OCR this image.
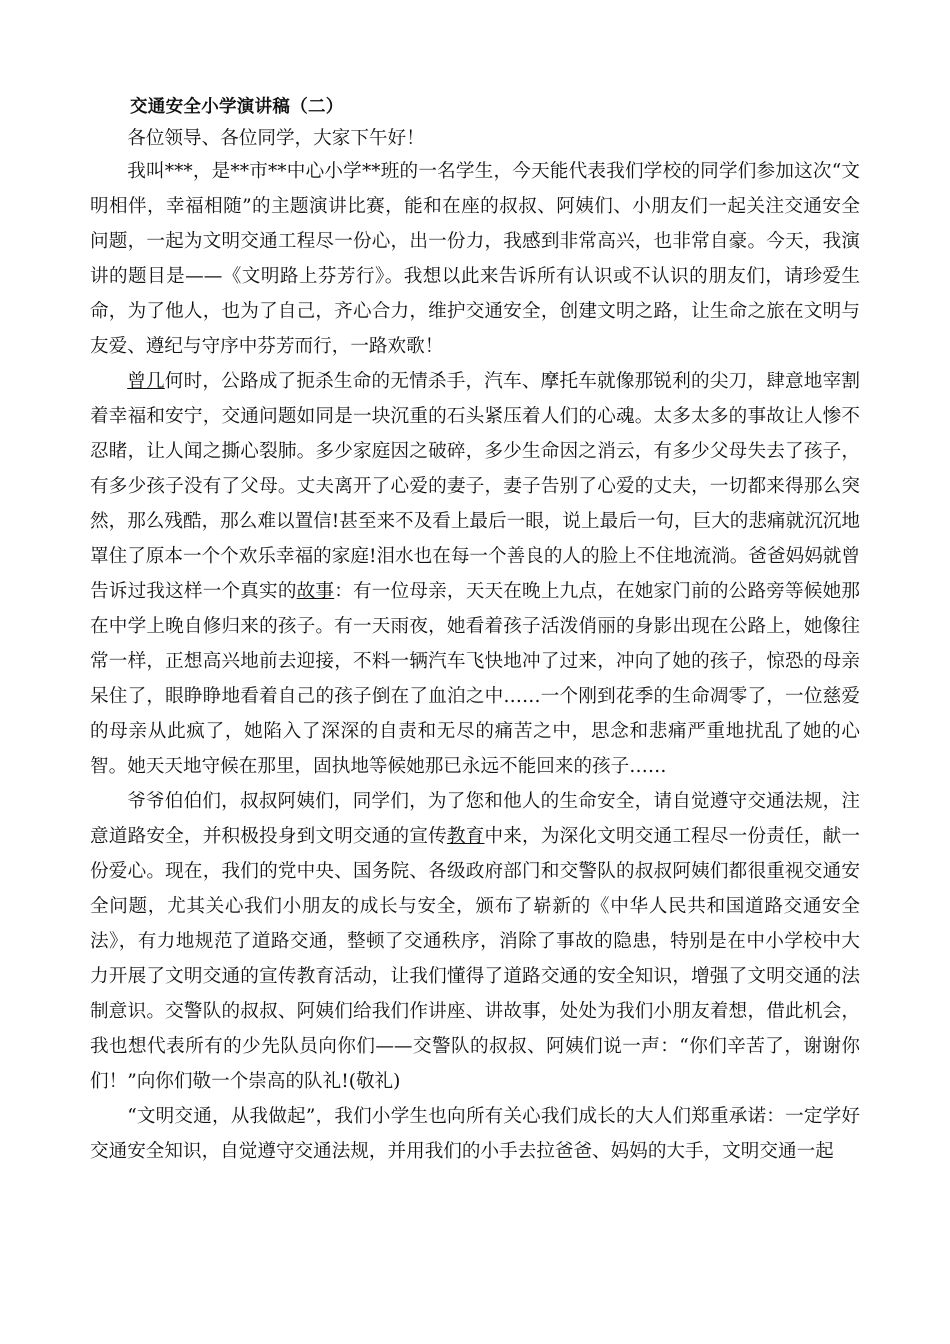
交通安全小学演讲稿（二）

各位领导、各位同学，大家下午好！

我叫***，是**市**中心小学**班的一名学生，今天能代表我们学校的同学们参加这次“文明相伴，幸福相随”的主题演讲比赛，能和在座的叔叔、阿姨们、小朋友们一起关注交通安全问题，一起为文明交通工程尽一份心，出一份力，我感到非常高兴，也非常自豪。今天，我演讲的题目是——《文明路上芬芳行》。我想以此来告诉所有认识或不认识的朋友们，请珍爱生命，为了他人，也为了自己，齐心合力，维护交通安全，创建文明之路，让生命之旅在文明与友爱、遵纪与守序中芬芳而行，一路欢歌！

曾几何时，公路成了扼杀生命的无情杀手，汽车、摩托车就像那锐利的尖刀，肆意地宰割着幸福和安宁，交通问题如同是一块沉重的石头紧压着人们的心魂。太多太多的事故让人惨不忍睹，让人闻之撕心裂肺。多少家庭因之破碎，多少生命因之消云，有多少父母失去了孩子，有多少孩子没有了父母。丈夫离开了心爱的妻子，妻子告别了心爱的丈夫，一切都来得那么突然，那么残酷，那么难以置信!甚至来不及看上最后一眼，说上最后一句，巨大的悲痛就沉沉地罩住了原本一个个欢乐幸福的家庭!泪水也在每一个善良的人的脸上不住地流淌。爸爸妈妈就曾告诉过我这样一个真实的故事：有一位母亲，天天在晚上九点，在她家门前的公路旁等候她那在中学上晚自修归来的孩子。有一天雨夜，她看着孩子活泼俏丽的身影出现在公路上，她像往常一样，正想高兴地前去迎接，不料一辆汽车飞快地冲了过来，冲向了她的孩子，惊恐的母亲呆住了，眼睁睁地看着自己的孩子倒在了血泊之中……一个刚到花季的生命凋零了，一位慈爱的母亲从此疯了，她陷入了深深的自责和无尽的痛苦之中，思念和悲痛严重地扰乱了她的心智。她天天地守候在那里，固执地等候她那已永远不能回来的孩子……

爷爷伯伯们，叔叔阿姨们，同学们，为了您和他人的生命安全，请自觉遵守交通法规，注意道路安全，并积极投身到文明交通的宣传教育中来，为深化文明交通工程尽一份责任，献一份爱心。现在，我们的党中央、国务院、各级政府部门和交警队的叔叔阿姨们都很重视交通安全问题，尤其关心我们小朋友的成长与安全，颁布了崭新的《中华人民共和国道路交通安全法》，有力地规范了道路交通，整顿了交通秩序，消除了事故的隐患，特别是在中小学校中大力开展了文明交通的宣传教育活动，让我们懂得了道路交通的安全知识，增强了文明交通的法制意识。交警队的叔叔、阿姨们给我们作讲座、讲故事，处处为我们小朋友着想，借此机会，我也想代表所有的少先队员向你们——交警队的叔叔、阿姨们说一声：“你们辛苦了，谢谢你们！”向你们敬一个崇高的队礼!(敬礼)

“文明交通，从我做起”，我们小学生也向所有关心我们成长的大人们郑重承诺：一定学好交通安全知识，自觉遵守交通法规，并用我们的小手去拉爸爸、妈妈的大手，文明交通一起
